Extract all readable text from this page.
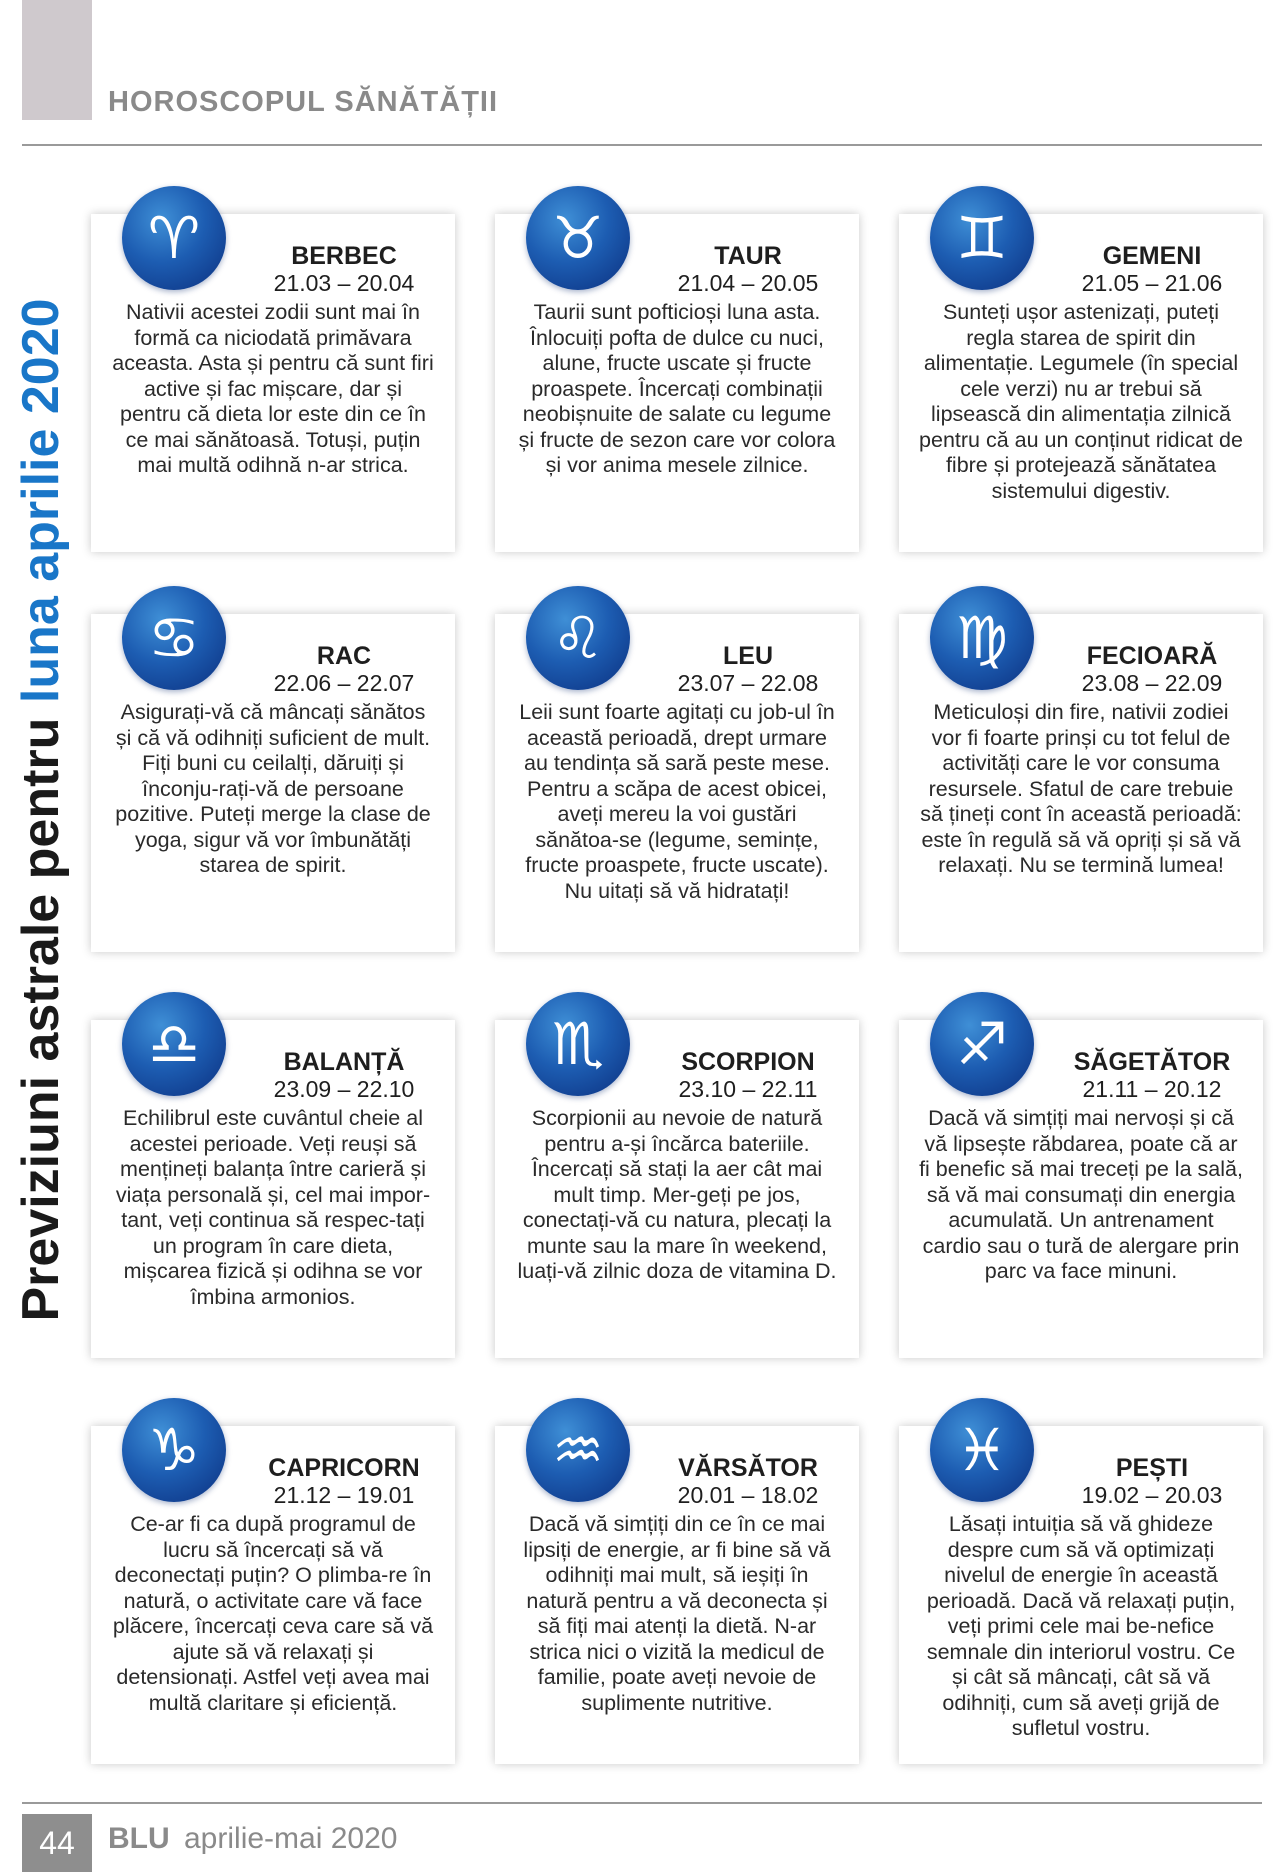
HOROSCOPUL SĂNĂTĂȚII
Previziuni astrale pentru luna aprilie 2020
♈	BERBEC
21.03 – 20.04
Nativii acestei zodii sunt mai în formă ca niciodată primăvara aceasta. Asta și pentru că sunt firi active și fac mișcare, dar și pentru că dieta lor este din ce în ce mai sănătoasă. Totuși, puțin mai multă odihnă n-ar strica.
♉	TAUR
21.04 – 20.05
Taurii sunt pofticioși luna asta. Înlocuiți pofta de dulce cu nuci, alune, fructe uscate și fructe proaspete. Încercați combinații neobișnuite de salate cu legume și fructe de sezon care vor colora și vor anima mesele zilnice.
♊	GEMENI
21.05 – 21.06
Sunteți ușor astenizați, puteți regla starea de spirit din alimentație. Legumele (în special cele verzi) nu ar trebui să lipsească din alimentația zilnică pentru că au un conținut ridicat de fibre și protejează sănătatea sistemului digestiv.
♋	RAC
22.06 – 22.07
Asigurați-vă că mâncați sănătos și că vă odihniți suficient de mult. Fiți buni cu ceilalți, dăruiți și înconju-rați-vă de persoane pozitive. Puteți merge la clase de yoga, sigur vă vor îmbunătăți starea de spirit.
♌	LEU
23.07 – 22.08
Leii sunt foarte agitați cu job-ul în această perioadă, drept urmare au tendința să sară peste mese. Pentru a scăpa de acest obicei, aveți mereu la voi gustări sănătoa-se (legume, semințe, fructe proaspete, fructe uscate). Nu uitați să vă hidratați!
♍	FECIOARĂ
23.08 – 22.09
Meticuloși din fire, nativii zodiei vor fi foarte prinși cu tot felul de activități care le vor consuma resursele. Sfatul de care trebuie să țineți cont în această perioadă: este în regulă să vă opriți și să vă relaxați. Nu se termină lumea!
♎	BALANȚĂ
23.09 – 22.10
Echilibrul este cuvântul cheie al acestei perioade. Veți reuși să mențineți balanța între carieră și viața personală și, cel mai impor-tant, veți continua să respec-tați un program în care dieta, mișcarea fizică și odihna se vor îmbina armonios.
♏	SCORPION
23.10 – 22.11
Scorpionii au nevoie de natură pentru a-și încărca bateriile. Încercați să stați la aer cât mai mult timp. Mer-geți pe jos, conectați-vă cu natura, plecați la munte sau la mare în weekend, luați-vă zilnic doza de vitamina D.
♐	SĂGETĂTOR
21.11 – 20.12
Dacă vă simțiți mai nervoși și că vă lipsește răbdarea, poate că ar fi benefic să mai treceți pe la sală, să vă mai consumați din energia acumulată. Un antrenament cardio sau o tură de alergare prin parc va face minuni.
♑	CAPRICORN
21.12 – 19.01
Ce-ar fi ca după programul de lucru să încercați să vă deconectați puțin? O plimba-re în natură, o activitate care vă face plăcere, încercați ceva care să vă ajute să vă relaxați și detensionați. Astfel veți avea mai multă claritare și eficiență.
♒	VĂRSĂTOR
20.01 – 18.02
Dacă vă simțiți din ce în ce mai lipsiți de energie, ar fi bine să vă odihniți mai mult, să ieșiți în natură pentru a vă deconecta și să fiți mai atenți la dietă. N-ar strica nici o vizită la medicul de familie, poate aveți nevoie de suplimente nutritive.
♓	PEȘTI
19.02 – 20.03
Lăsați intuiția să vă ghideze despre cum să vă optimizați nivelul de energie în această perioadă. Dacă vă relaxați puțin, veți primi cele mai be-nefice semnale din interiorul vostru. Ce și cât să mâncați, cât să vă odihniți, cum să aveți grijă de sufletul vostru.
44	BLU aprilie-mai 2020
